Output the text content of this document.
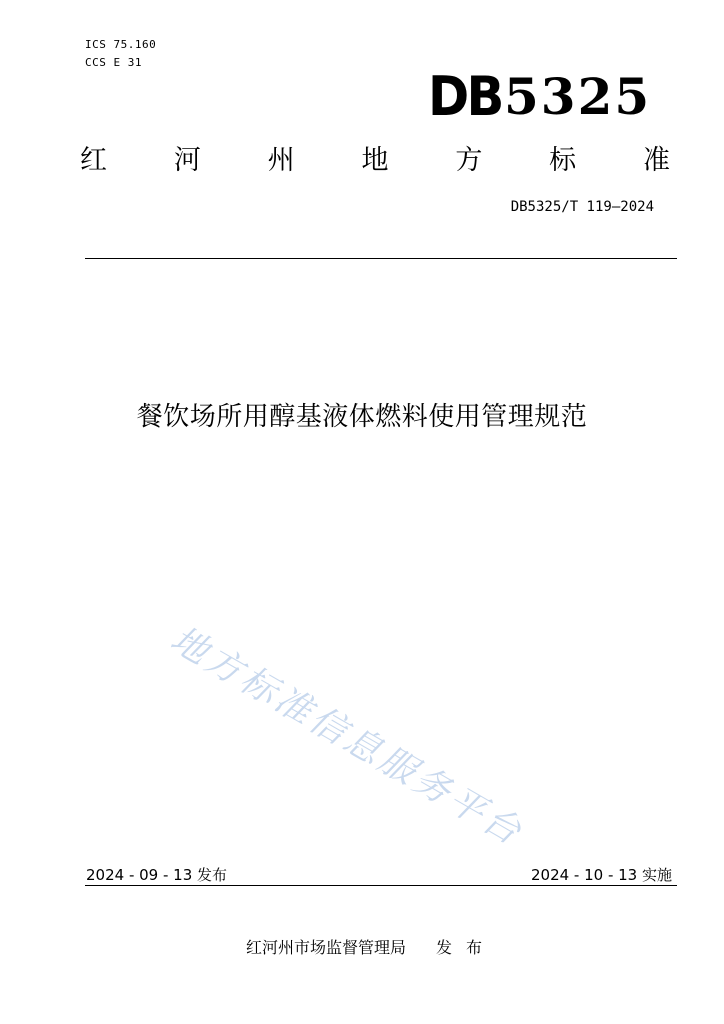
ICS 75.160
CCS E 31
DB 5325
红 河 州 地 方 标 准
DB5325/T 119—2024
餐饮场所用醇基液体燃料使用管理规范
地方标准信息服务平台
2024 - 09 - 13 发布	2024 - 10 - 13 实施
红河州市场监督管理局 发布
